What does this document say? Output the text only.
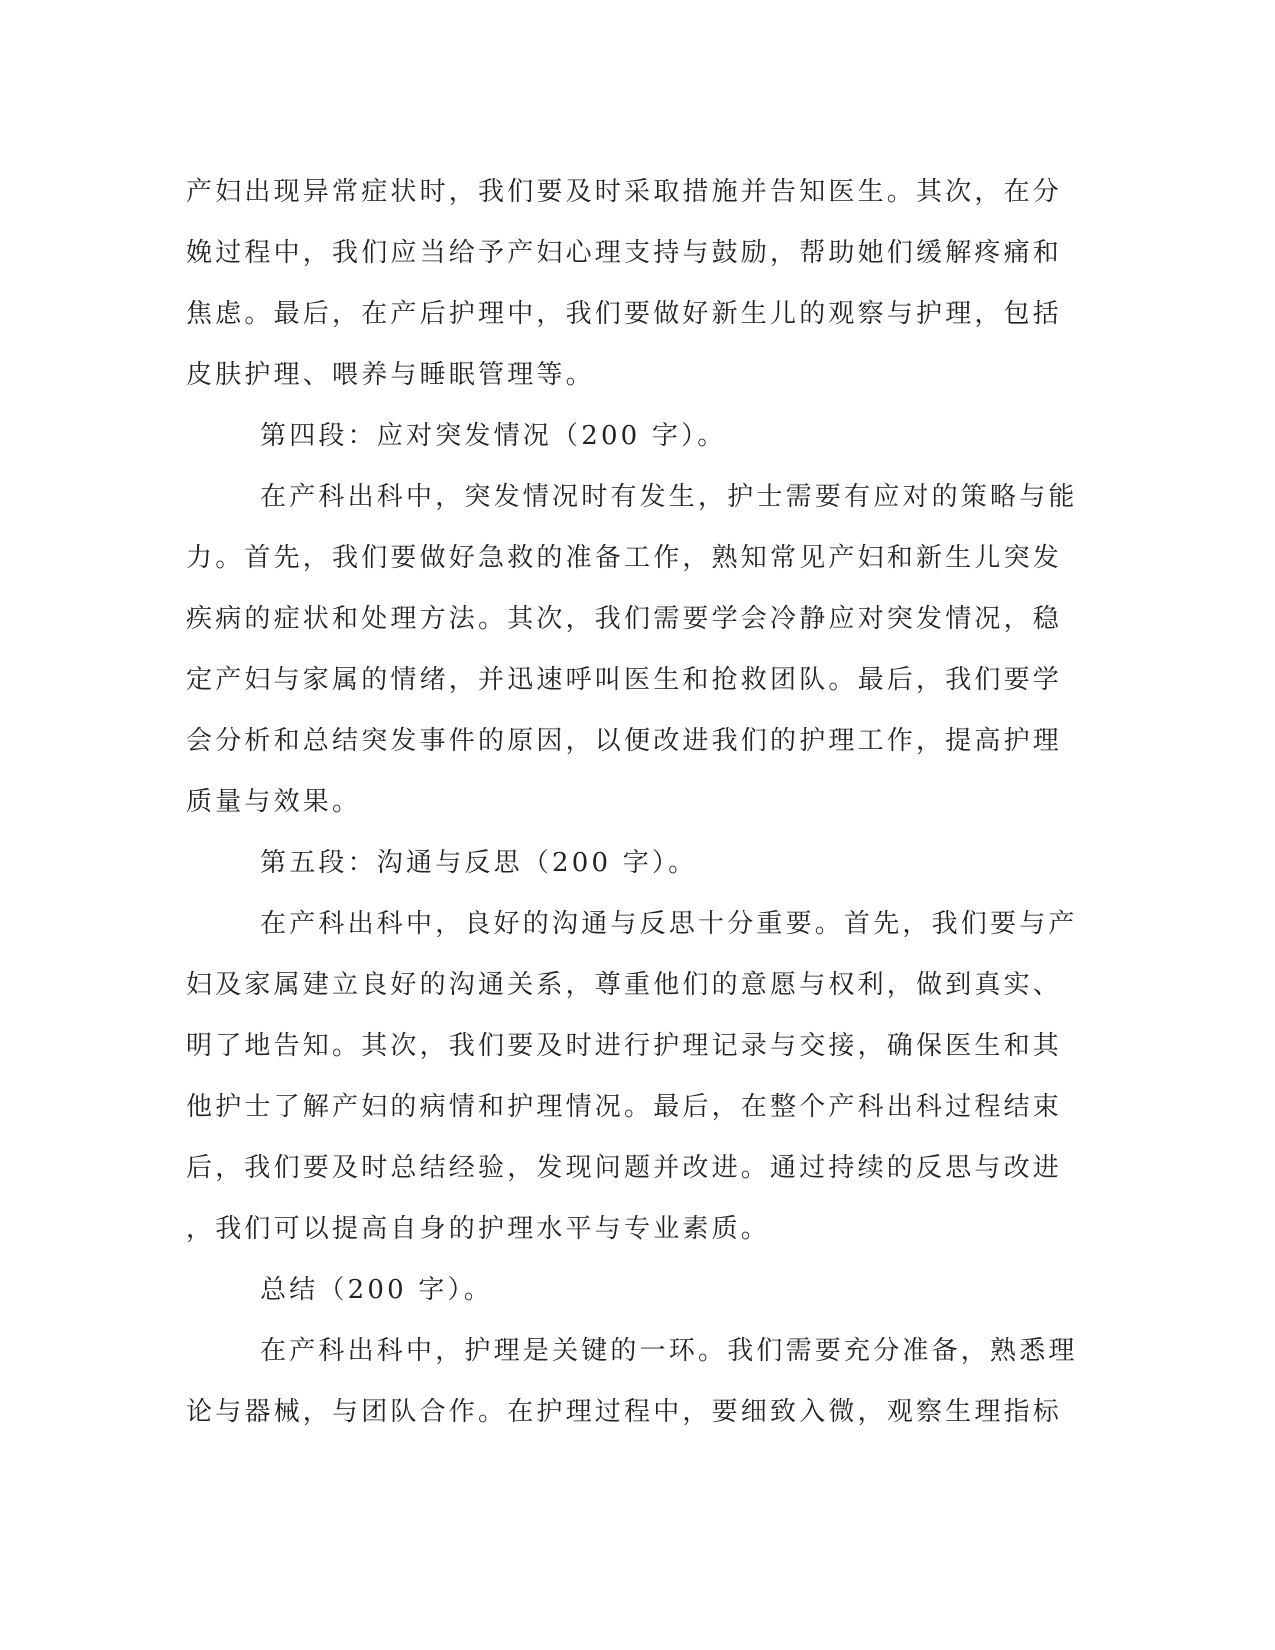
产妇出现异常症状时，我们要及时采取措施并告知医生。其次，在分
娩过程中，我们应当给予产妇心理支持与鼓励，帮助她们缓解疼痛和
焦虑。最后，在产后护理中，我们要做好新生儿的观察与护理，包括
皮肤护理、喂养与睡眠管理等。
第四段：应对突发情况（200 字）。
在产科出科中，突发情况时有发生，护士需要有应对的策略与能
力。首先，我们要做好急救的准备工作，熟知常见产妇和新生儿突发
疾病的症状和处理方法。其次，我们需要学会冷静应对突发情况，稳
定产妇与家属的情绪，并迅速呼叫医生和抢救团队。最后，我们要学
会分析和总结突发事件的原因，以便改进我们的护理工作，提高护理
质量与效果。
第五段：沟通与反思（200 字）。
在产科出科中，良好的沟通与反思十分重要。首先，我们要与产
妇及家属建立良好的沟通关系，尊重他们的意愿与权利，做到真实、
明了地告知。其次，我们要及时进行护理记录与交接，确保医生和其
他护士了解产妇的病情和护理情况。最后，在整个产科出科过程结束
后，我们要及时总结经验，发现问题并改进。通过持续的反思与改进
，我们可以提高自身的护理水平与专业素质。
总结（200 字）。
在产科出科中，护理是关键的一环。我们需要充分准备，熟悉理
论与器械，与团队合作。在护理过程中，要细致入微，观察生理指标
